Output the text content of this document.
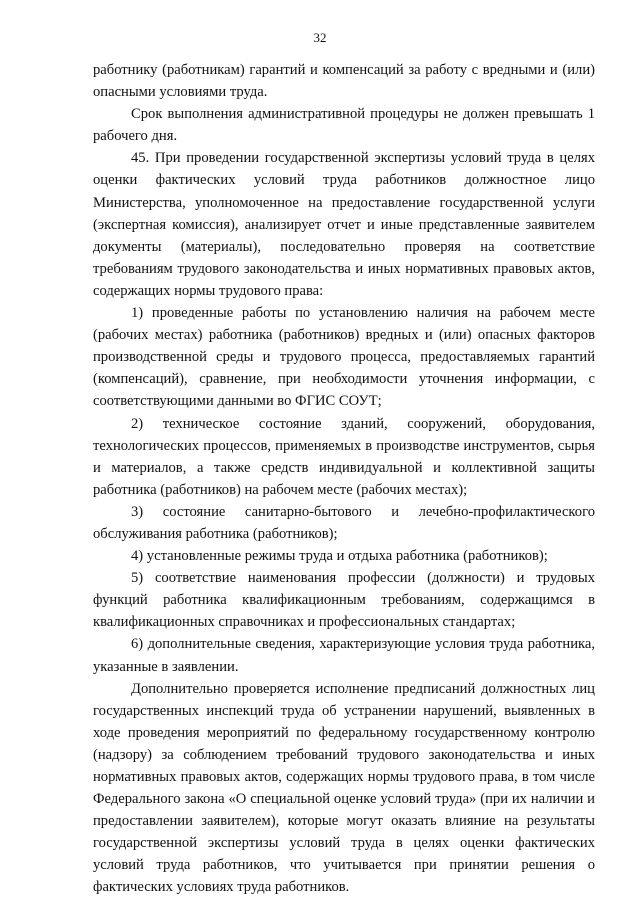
32

работнику (работникам) гарантий и компенсаций за работу с вредными и (или) опасными условиями труда.

Срок выполнения административной процедуры не должен превышать 1 рабочего дня.

45. При проведении государственной экспертизы условий труда в целях оценки фактических условий труда работников должностное лицо Министерства, уполномоченное на предоставление государственной услуги (экспертная комиссия), анализирует отчет и иные представленные заявителем документы (материалы), последовательно проверяя на соответствие требованиям трудового законодательства и иных нормативных правовых актов, содержащих нормы трудового права:

1) проведенные работы по установлению наличия на рабочем месте (рабочих местах) работника (работников) вредных и (или) опасных факторов производственной среды и трудового процесса, предоставляемых гарантий (компенсаций), сравнение, при необходимости уточнения информации, с соответствующими данными во ФГИС СОУТ;

2) техническое состояние зданий, сооружений, оборудования, технологических процессов, применяемых в производстве инструментов, сырья и материалов, а также средств индивидуальной и коллективной защиты работника (работников) на рабочем месте (рабочих местах);

3) состояние санитарно-бытового и лечебно-профилактического обслуживания работника (работников);

4) установленные режимы труда и отдыха работника (работников);

5) соответствие наименования профессии (должности) и трудовых функций работника квалификационным требованиям, содержащимся в квалификационных справочниках и профессиональных стандартах;

6) дополнительные сведения, характеризующие условия труда работника, указанные в заявлении.

Дополнительно проверяется исполнение предписаний должностных лиц государственных инспекций труда об устранении нарушений, выявленных в ходе проведения мероприятий по федеральному государственному контролю (надзору) за соблюдением требований трудового законодательства и иных нормативных правовых актов, содержащих нормы трудового права, в том числе Федерального закона «О специальной оценке условий труда» (при их наличии и предоставлении заявителем), которые могут оказать влияние на результаты государственной экспертизы условий труда в целях оценки фактических условий труда работников, что учитывается при принятии решения о фактических условиях труда работников.
